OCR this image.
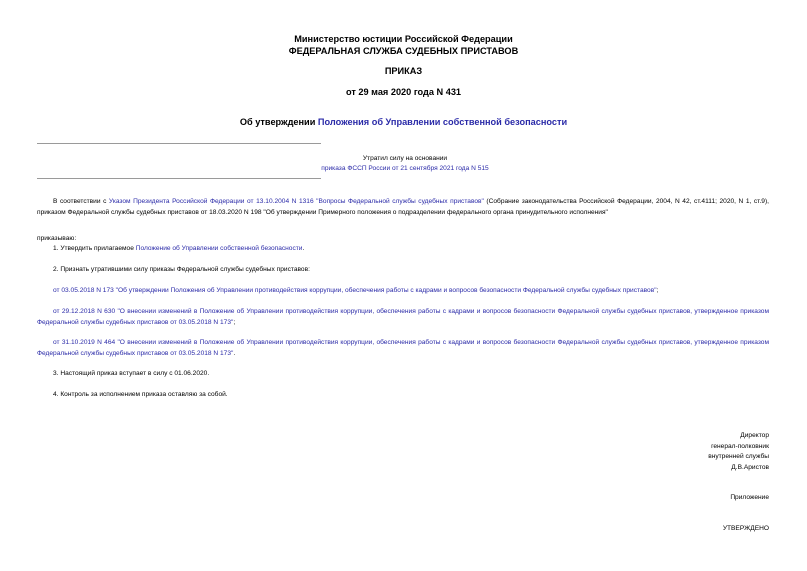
Министерство юстиции Российской Федерации
ФЕДЕРАЛЬНАЯ СЛУЖБА СУДЕБНЫХ ПРИСТАВОВ
ПРИКАЗ
от 29 мая 2020 года N 431
Об утверждении Положения об Управлении собственной безопасности
Утратил силу на основании
приказа ФССП России от 21 сентября 2021 года N 515
В соответствии с Указом Президента Российской Федерации от 13.10.2004 N 1316 "Вопросы Федеральной службы судебных приставов" (Собрание законодательства Российской Федерации, 2004, N 42, ст.4111; 2020, N 1, ст.9), приказом Федеральной службы судебных приставов от 18.03.2020 N 198 "Об утверждении Примерного положения о подразделении федерального органа принудительного исполнения"
приказываю:
1. Утвердить прилагаемое Положение об Управлении собственной безопасности.
2. Признать утратившими силу приказы Федеральной службы судебных приставов:
от 03.05.2018 N 173 "Об утверждении Положения об Управлении противодействия коррупции, обеспечения работы с кадрами и вопросов безопасности Федеральной службы судебных приставов";
от 29.12.2018 N 630 "О внесении изменений в Положение об Управлении противодействия коррупции, обеспечения работы с кадрами и вопросов безопасности Федеральной службы судебных приставов, утвержденное приказом Федеральной службы судебных приставов от 03.05.2018 N 173";
от 31.10.2019 N 464 "О внесении изменений в Положение об Управлении противодействия коррупции, обеспечения работы с кадрами и вопросов безопасности Федеральной службы судебных приставов, утвержденное приказом Федеральной службы судебных приставов от 03.05.2018 N 173".
3. Настоящий приказ вступает в силу с 01.06.2020.
4. Контроль за исполнением приказа оставляю за собой.
Директор
генерал-полковник
внутренней службы
Д.В.Аристов
Приложение
УТВЕРЖДЕНО
